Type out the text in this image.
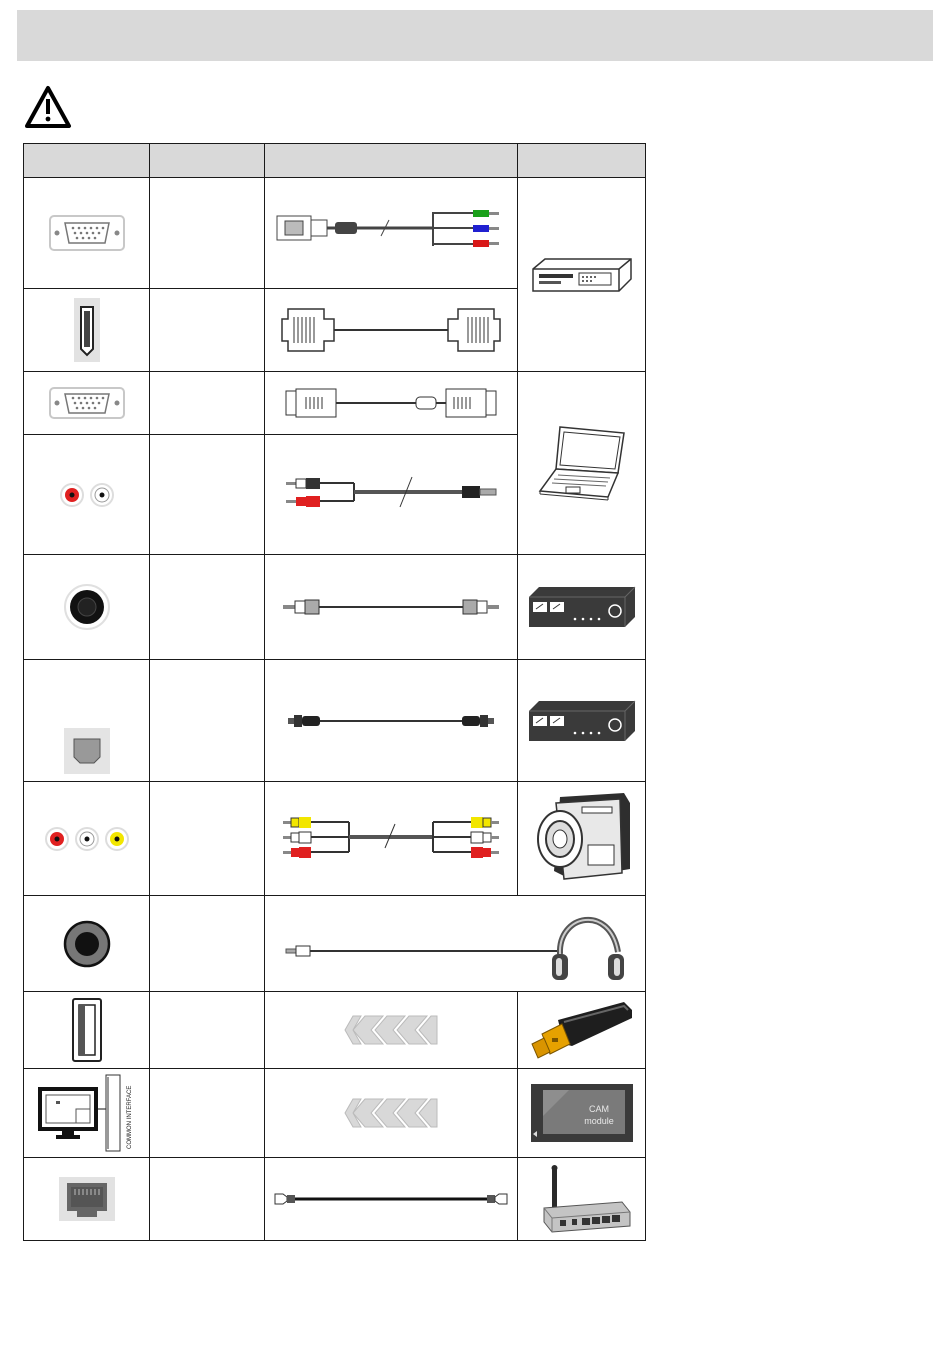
COMMON INTERFACE			CAM
module
